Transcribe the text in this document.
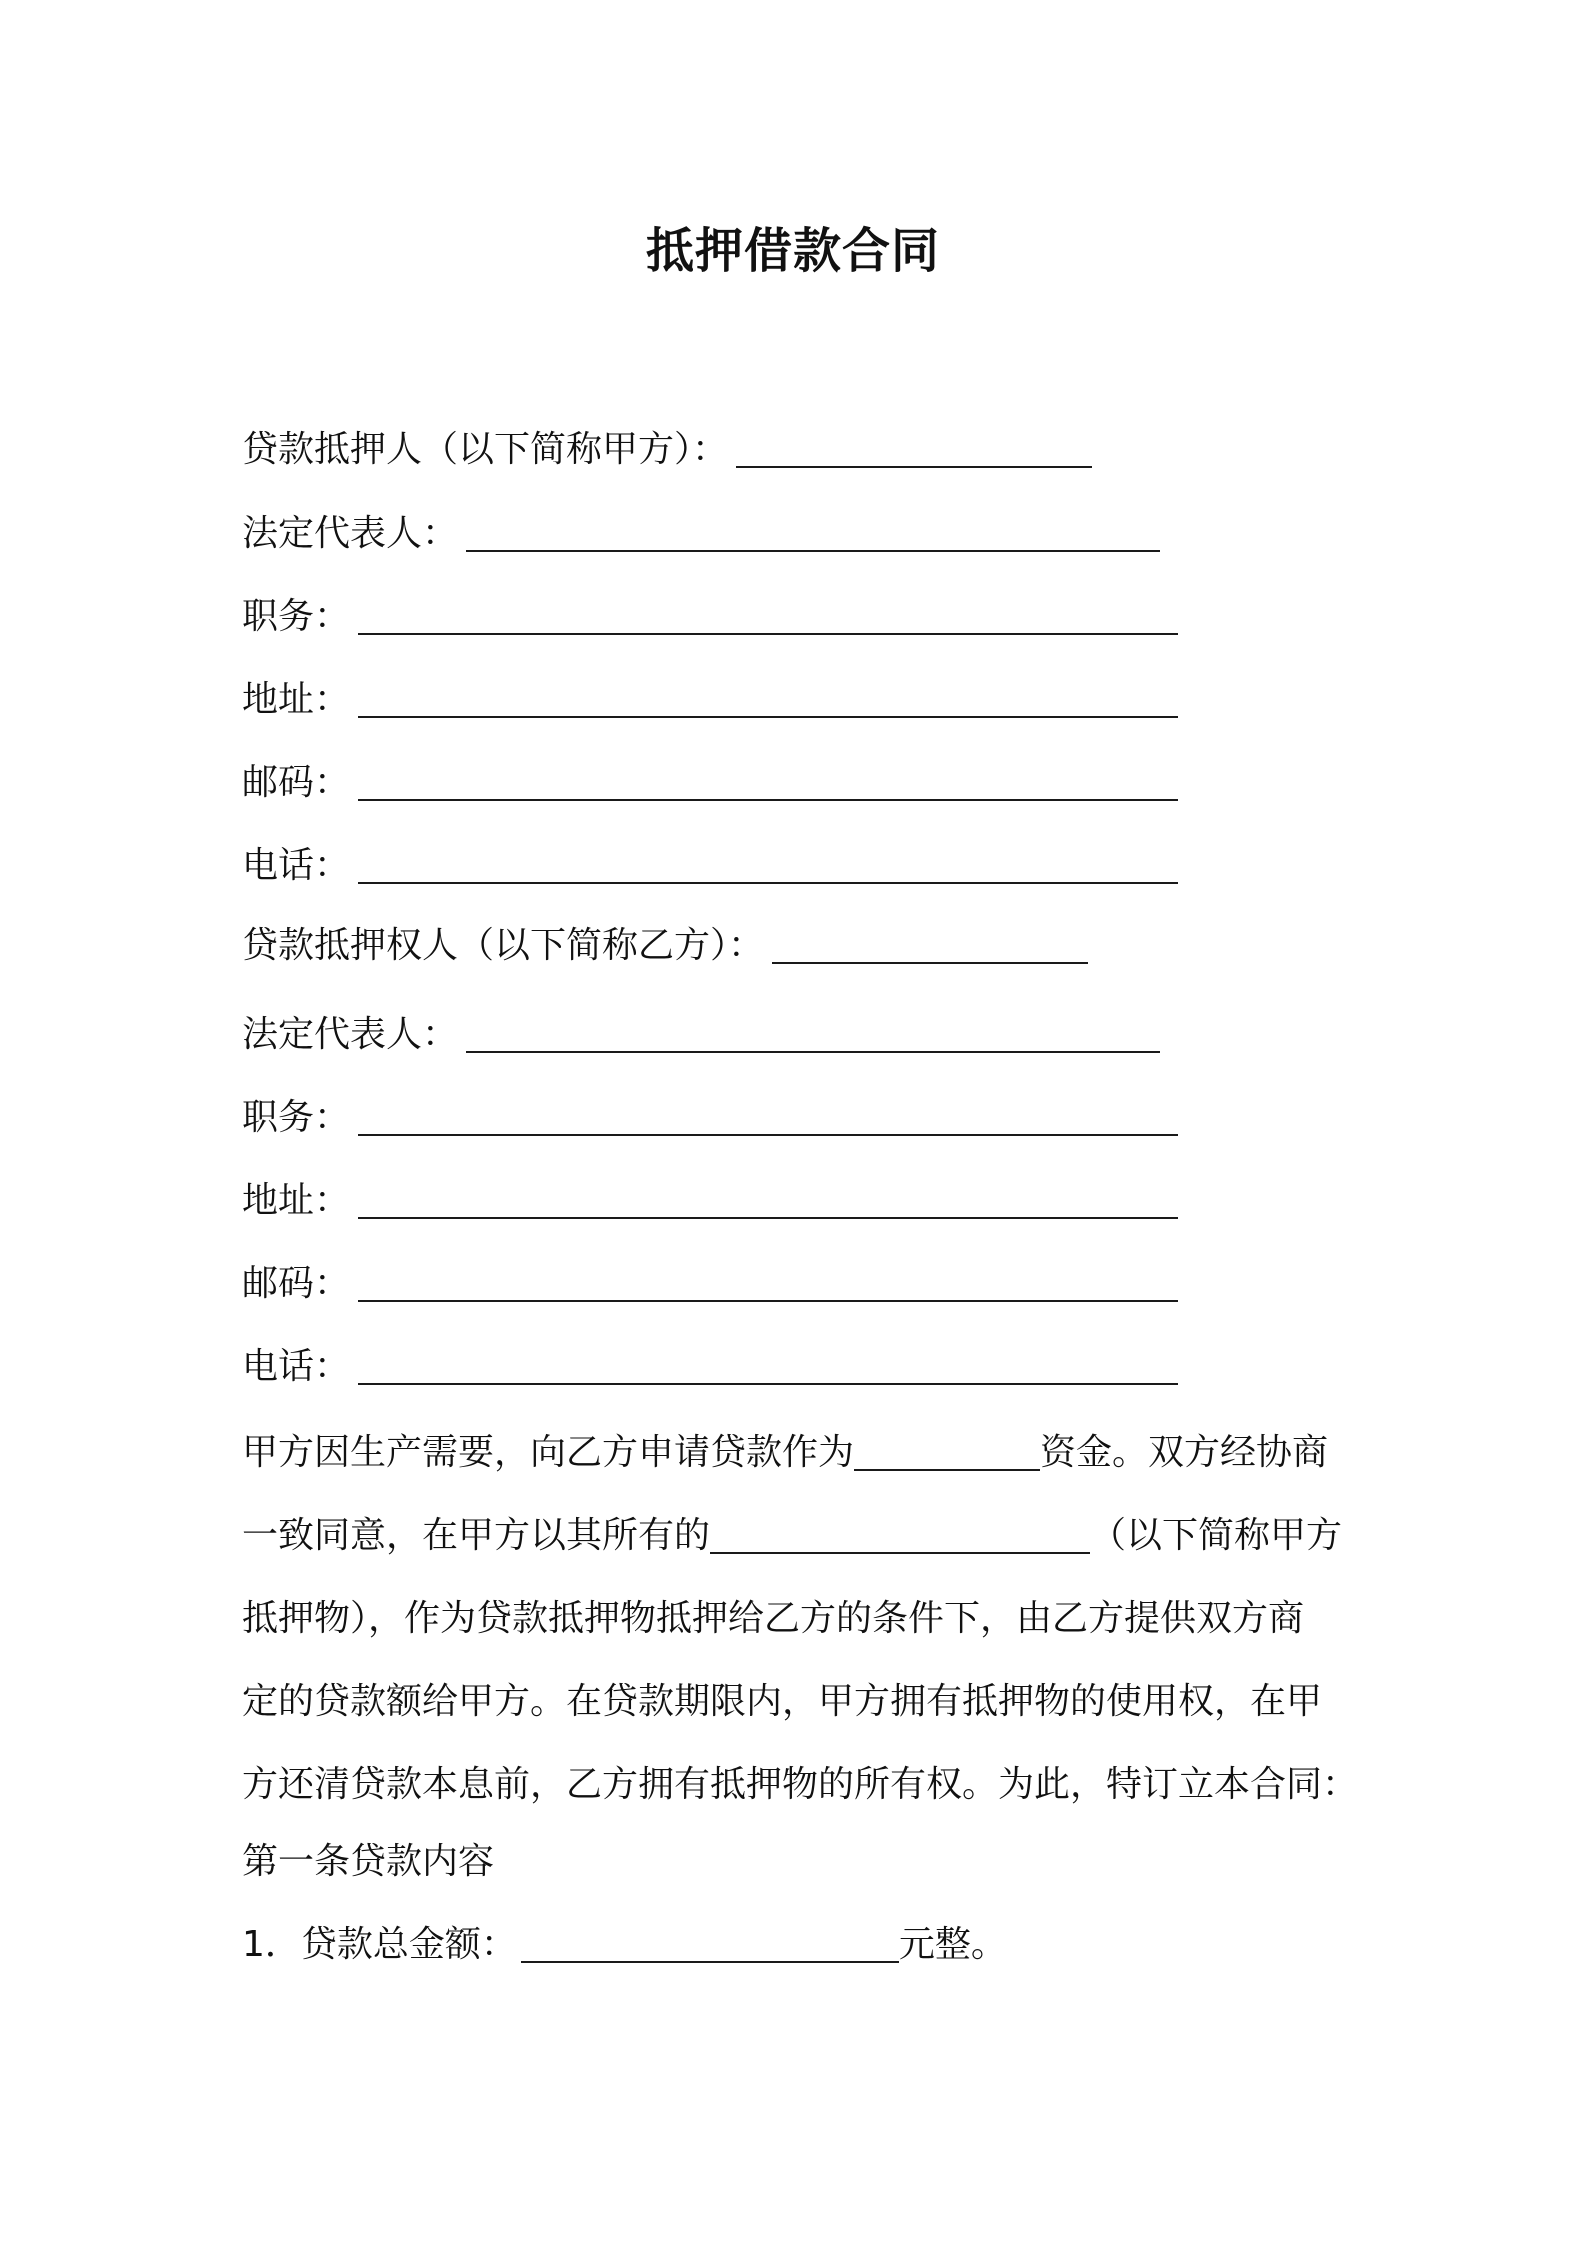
抵押借款合同
贷款抵押人（以下简称甲方）：
法定代表人：
职务：
地址：
邮码：
电话：
贷款抵押权人（以下简称乙方）：
法定代表人：
职务：
地址：
邮码：
电话：
甲方因生产需要，向乙方申请贷款作为	资金。双方经协商
一致同意，在甲方以其所有的	（以下简称甲方
抵押物），作为贷款抵押物抵押给乙方的条件下，由乙方提供双方商
定的贷款额给甲方。在贷款期限内，甲方拥有抵押物的使用权，在甲
方还清贷款本息前，乙方拥有抵押物的所有权。为此，特订立本合同：
第一条贷款内容
1．贷款总金额：	元整。
